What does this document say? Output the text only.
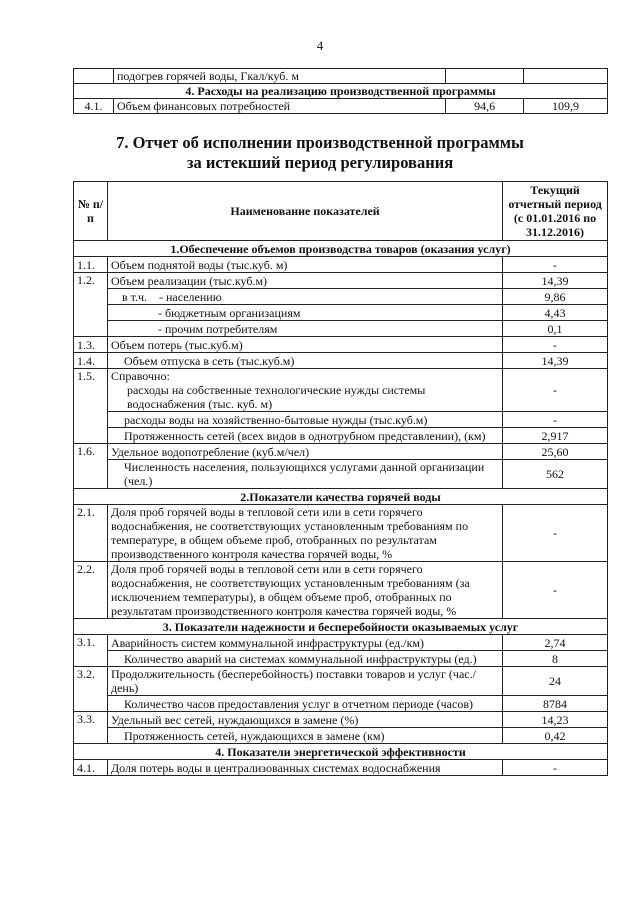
4
	подогрев горячей воды, Гкал/куб. м		
4. Расходы на реализацию производственной программы			
4.1.	Объем финансовых потребностей	94,6	109,9
7. Отчет об исполнении производственной программы
за истекший период регулирования
№ п/п	Наименование показателей	Текущий отчетный период (с 01.01.2016 по 31.12.2016)
1.Обеспечение объемов производства товаров (оказания услуг)		
1.1.	Объем поднятой воды (тыс.куб. м)	-
1.2.	Объем реализации (тыс.куб.м)	14,39
	в т.ч.    - населению	9,86
	- бюджетным организациям	4,43
	- прочим потребителям	0,1
1.3.	Объем потерь (тыс.куб.м)	-
1.4.	Объем отпуска в сеть (тыс.куб.м)	14,39
1.5.	Справочно:
расходы на собственные технологические нужды системы водоснабжения (тыс. куб. м)	-
	расходы воды на хозяйственно-бытовые нужды (тыс.куб.м)	-
	Протяженность сетей (всех видов в однотрубном представлении), (км)	2,917
1.6.	Удельное водопотребление (куб.м/чел)	25,60
	Численность населения, пользующихся услугами данной организации (чел.)	562
2.Показатели качества горячей воды		
2.1.	Доля проб горячей воды в тепловой сети или в сети горячего водоснабжения, не соответствующих установленным требованиям по температуре, в общем объеме проб, отобранных по результатам производственного контроля качества горячей воды, %	-
2.2.	Доля проб горячей воды в тепловой сети или в сети горячего водоснабжения, не соответствующих установленным требованиям (за исключением температуры), в общем объеме проб, отобранных по результатам производственного контроля качества горячей воды, %	-
3. Показатели надежности и бесперебойности оказываемых услуг		
3.1.	Аварийность систем коммунальной инфраструктуры (ед./км)	2,74
	Количество аварий на системах коммунальной инфраструктуры (ед.)	8
3.2.	Продолжительность (бесперебойность) поставки товаров и услуг (час./день)	24
	Количество часов предоставления услуг в отчетном периоде (часов)	8784
3.3.	Удельный вес сетей, нуждающихся в замене (%)	14,23
	Протяженность сетей, нуждающихся в замене (км)	0,42
4. Показатели энергетической эффективности		
4.1.	Доля потерь воды в централизованных системах водоснабжения	-
